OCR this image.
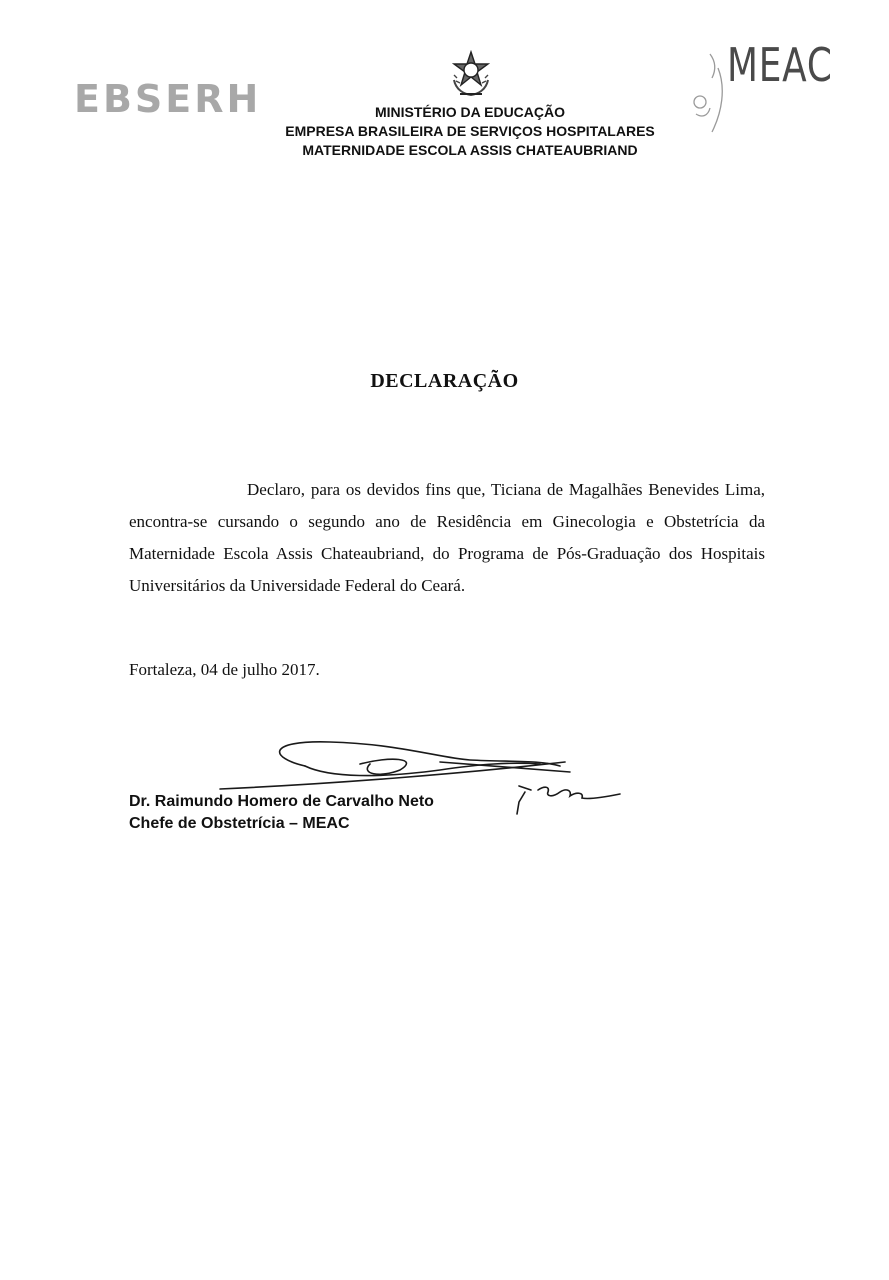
EBSERH
MEAC
MINISTÉRIO DA EDUCAÇÃO
EMPRESA BRASILEIRA DE SERVIÇOS HOSPITALARES
MATERNIDADE ESCOLA ASSIS CHATEAUBRIAND
DECLARAÇÃO
Declaro, para os devidos fins que, Ticiana de Magalhães Benevides Lima, encontra-se cursando o segundo ano de Residência em Ginecologia e Obstetrícia da Maternidade Escola Assis Chateaubriand, do Programa de Pós-Graduação dos Hospitais Universitários da Universidade Federal do Ceará.
Fortaleza, 04 de julho 2017.
Dr. Raimundo Homero de Carvalho Neto
Chefe de Obstetrícia – MEAC
